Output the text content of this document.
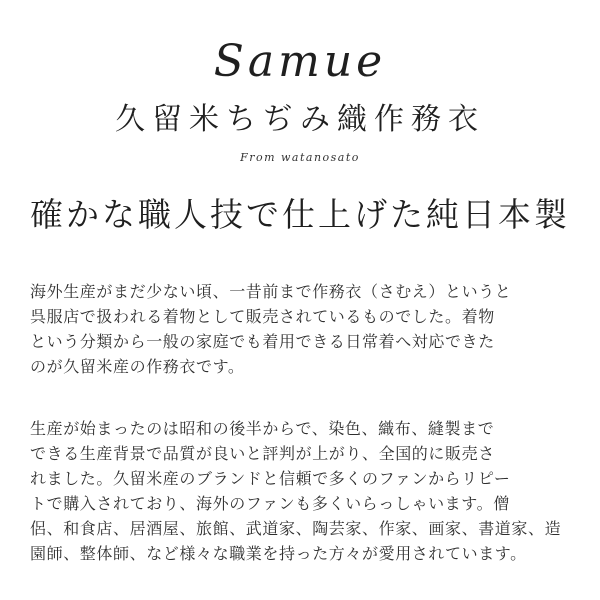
Samue
久留米ちぢみ織作務衣
From watanosato
確かな職人技で仕上げた純日本製
海外生産がまだ少ない頃、一昔前まで作務衣（さむえ）というと
呉服店で扱われる着物として販売されているものでした。着物
という分類から一般の家庭でも着用できる日常着へ対応できた
のが久留米産の作務衣です。
生産が始まったのは昭和の後半からで、染色、織布、縫製まで
できる生産背景で品質が良いと評判が上がり、全国的に販売さ
れました。久留米産のブランドと信頼で多くのファンからリピー
トで購入されており、海外のファンも多くいらっしゃいます。僧
侶、和食店、居酒屋、旅館、武道家、陶芸家、作家、画家、書道家、造
園師、整体師、など様々な職業を持った方々が愛用されています。
